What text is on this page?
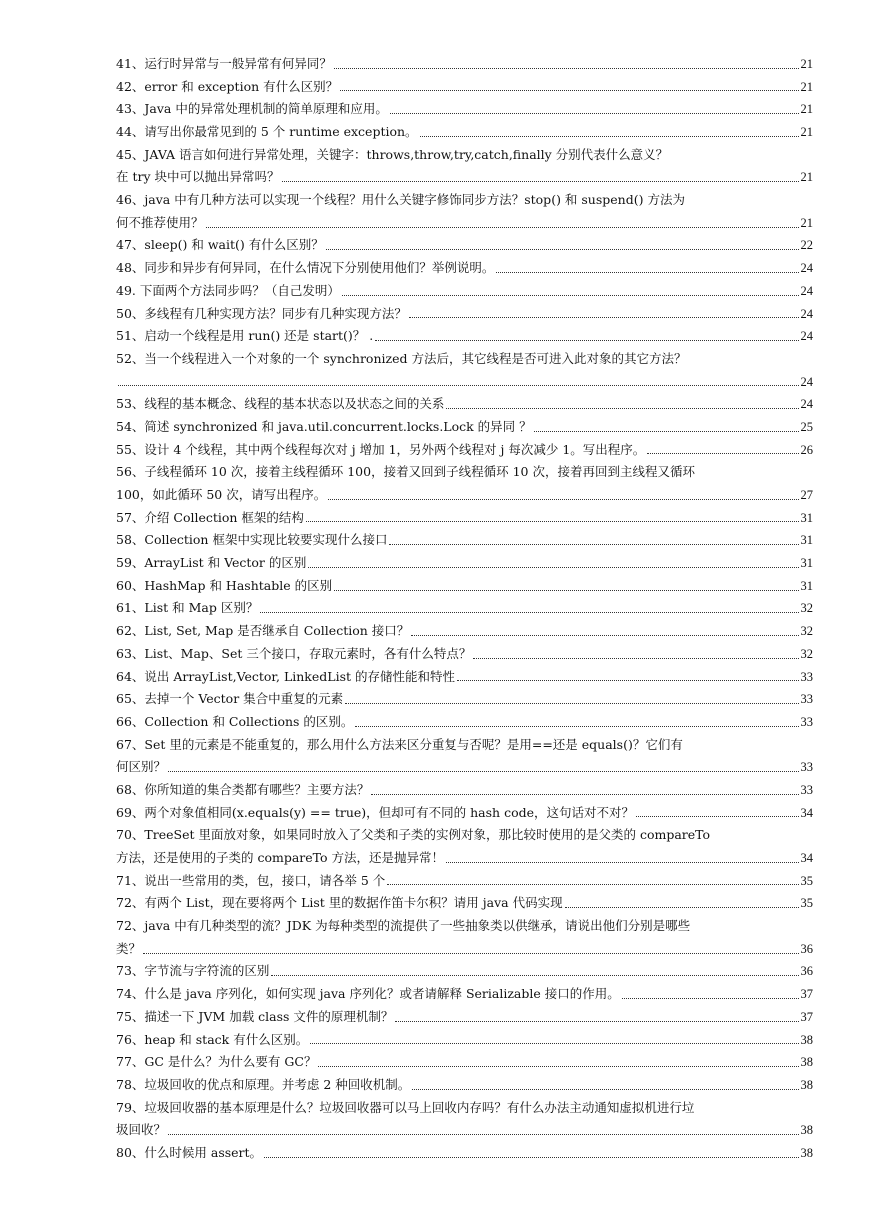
41、运行时异常与一般异常有何异同？	21
42、error 和 exception 有什么区别？	21
43、Java 中的异常处理机制的简单原理和应用。	21
44、请写出你最常见到的 5 个 runtime exception。	21
45、JAVA 语言如何进行异常处理，关键字：throws,throw,try,catch,finally 分别代表什么意义？
在 try 块中可以抛出异常吗？	21
46、java 中有几种方法可以实现一个线程？用什么关键字修饰同步方法？stop() 和 suspend() 方法为
何不推荐使用？	21
47、sleep() 和 wait() 有什么区别？	22
48、同步和异步有何异同，在什么情况下分别使用他们？举例说明。	24
49. 下面两个方法同步吗？（自己发明）	24
50、多线程有几种实现方法？同步有几种实现方法？	24
51、启动一个线程是用 run() 还是 start()？ .	24
52、当一个线程进入一个对象的一个 synchronized 方法后，其它线程是否可进入此对象的其它方法？
24
53、线程的基本概念、线程的基本状态以及状态之间的关系	24
54、简述 synchronized 和 java.util.concurrent.locks.Lock 的异同 ？	25
55、设计 4 个线程，其中两个线程每次对 j 增加 1，另外两个线程对 j 每次减少 1。写出程序。	26
56、子线程循环 10 次，接着主线程循环 100，接着又回到子线程循环 10 次，接着再回到主线程又循环
100，如此循环 50 次，请写出程序。	27
57、介绍 Collection 框架的结构	31
58、Collection 框架中实现比较要实现什么接口	31
59、ArrayList 和 Vector 的区别	31
60、HashMap 和 Hashtable 的区别	31
61、List 和 Map 区别？	32
62、List, Set, Map 是否继承自 Collection 接口？	32
63、List、Map、Set 三个接口，存取元素时，各有什么特点？	32
64、说出 ArrayList,Vector, LinkedList 的存储性能和特性	33
65、去掉一个 Vector 集合中重复的元素	33
66、Collection 和 Collections 的区别。	33
67、Set 里的元素是不能重复的，那么用什么方法来区分重复与否呢？是用==还是 equals()？它们有
何区别？	33
68、你所知道的集合类都有哪些？主要方法？	33
69、两个对象值相同(x.equals(y) == true)，但却可有不同的 hash code，这句话对不对？	34
70、TreeSet 里面放对象，如果同时放入了父类和子类的实例对象，那比较时使用的是父类的 compareTo
方法，还是使用的子类的 compareTo 方法，还是抛异常！	34
71、说出一些常用的类，包，接口，请各举 5 个	35
72、有两个 List，现在要将两个 List 里的数据作笛卡尔积？请用 java 代码实现	35
72、java 中有几种类型的流？JDK 为每种类型的流提供了一些抽象类以供继承，请说出他们分别是哪些
类？	36
73、字节流与字符流的区别	36
74、什么是 java 序列化，如何实现 java 序列化？或者请解释 Serializable 接口的作用。	37
75、描述一下 JVM 加载 class 文件的原理机制？	37
76、heap 和 stack 有什么区别。	38
77、GC 是什么？为什么要有 GC？	38
78、垃圾回收的优点和原理。并考虑 2 种回收机制。	38
79、垃圾回收器的基本原理是什么？垃圾回收器可以马上回收内存吗？有什么办法主动通知虚拟机进行垃
圾回收？	38
80、什么时候用 assert。	38
